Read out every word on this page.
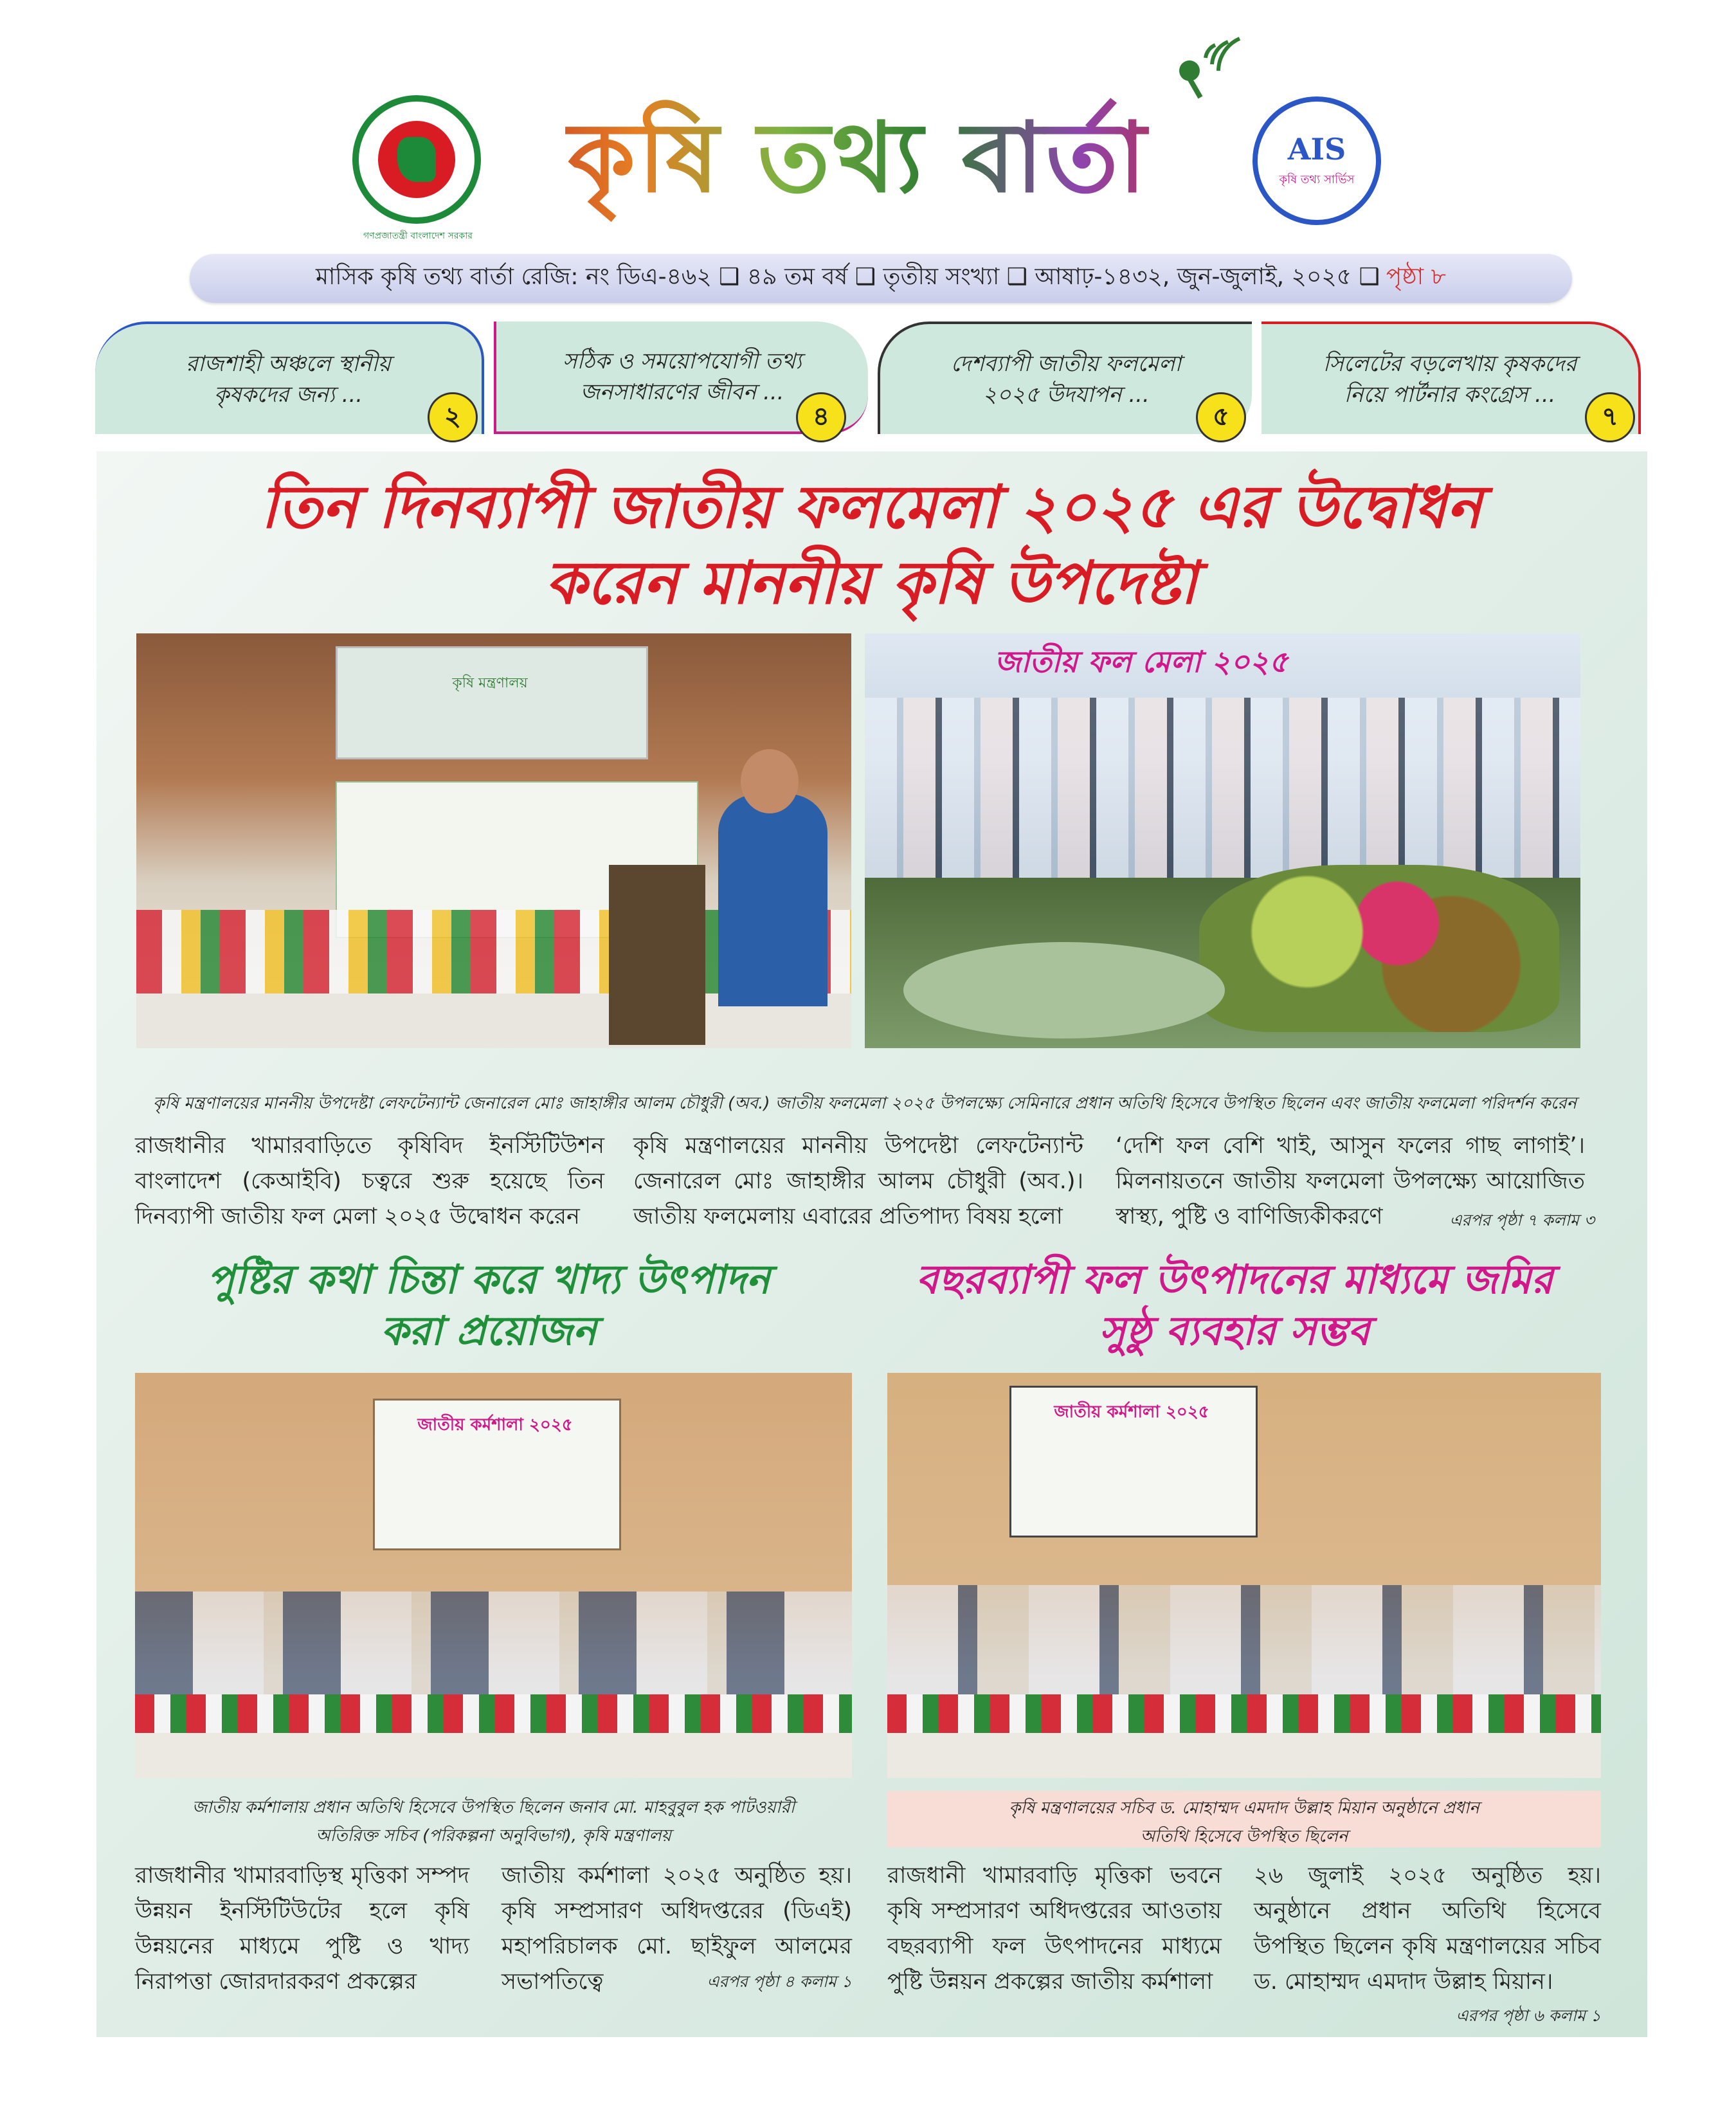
গণপ্রজাতন্ত্রী বাংলাদেশ সরকার
কৃষি তথ্য বার্তা	AIS
কৃষি তথ্য সার্ভিস
মাসিক কৃষি তথ্য বার্তা রেজি: নং ডিএ-৪৬২ ❑ ৪৯ তম বর্ষ ❑ তৃতীয় সংখ্যা ❑ আষাঢ়-১৪৩২, জুন-জুলাই, ২০২৫ ❑ পৃষ্ঠা ৮
রাজশাহী অঞ্চলে স্থানীয়
কৃষকদের জন্য ...
২
সঠিক ও সময়োপযোগী তথ্য
জনসাধারণের জীবন ...
৪
দেশব্যাপী জাতীয় ফলমেলা
২০২৫ উদযাপন ...
৫
সিলেটের বড়লেখায় কৃষকদের
নিয়ে পার্টনার কংগ্রেস ...
৭
তিন দিনব্যাপী জাতীয় ফলমেলা ২০২৫ এর উদ্বোধন
করেন মাননীয় কৃষি উপদেষ্টা
কৃষি মন্ত্রণালয়
জাতীয় ফল মেলা ২০২৫
কৃষি মন্ত্রণালয়ের মাননীয় উপদেষ্টা লেফটেন্যান্ট জেনারেল মোঃ জাহাঙ্গীর আলম চৌধুরী (অব.) জাতীয় ফলমেলা ২০২৫ উপলক্ষ্যে সেমিনারে প্রধান অতিথি হিসেবে উপস্থিত ছিলেন এবং জাতীয় ফলমেলা পরিদর্শন করেন
রাজধানীর খামারবাড়িতে কৃষিবিদ ইনস্টিটিউশন বাংলাদেশ (কেআইবি) চত্বরে শুরু হয়েছে তিন দিনব্যাপী জাতীয় ফল মেলা ২০২৫ উদ্বোধন করেন
কৃষি মন্ত্রণালয়ের মাননীয় উপদেষ্টা লেফটেন্যান্ট জেনারেল মোঃ জাহাঙ্গীর আলম চৌধুরী (অব.)। জাতীয় ফলমেলায় এবারের প্রতিপাদ্য বিষয় হলো
‘দেশি ফল বেশি খাই, আসুন ফলের গাছ লাগাই’। মিলনায়তনে জাতীয় ফলমেলা উপলক্ষ্যে আয়োজিত স্বাস্থ্য, পুষ্টি ও বাণিজ্যিকীকরণে	এরপর পৃষ্ঠা ৭ কলাম ৩
পুষ্টির কথা চিন্তা করে খাদ্য উৎপাদন
করা প্রয়োজন
বছরব্যাপী ফল উৎপাদনের মাধ্যমে জমির
সুষ্ঠু ব্যবহার সম্ভব
জাতীয় কর্মশালা ২০২৫
জাতীয় কর্মশালা ২০২৫
জাতীয় কর্মশালায় প্রধান অতিথি হিসেবে উপস্থিত ছিলেন জনাব মো. মাহবুবুল হক পাটওয়ারী
অতিরিক্ত সচিব (পরিকল্পনা অনুবিভাগ), কৃষি মন্ত্রণালয়
কৃষি মন্ত্রণালয়ের সচিব ড. মোহাম্মদ এমদাদ উল্লাহ মিয়ান অনুষ্ঠানে প্রধান
অতিথি হিসেবে উপস্থিত ছিলেন
রাজধানীর খামারবাড়িস্থ মৃত্তিকা সম্পদ উন্নয়ন ইনস্টিটিউটের হলে কৃষি উন্নয়নের মাধ্যমে পুষ্টি ও খাদ্য নিরাপত্তা জোরদারকরণ প্রকল্পের
জাতীয় কর্মশালা ২০২৫ অনুষ্ঠিত হয়। কৃষি সম্প্রসারণ অধিদপ্তরের (ডিএই) মহাপরিচালক মো. ছাইফুল আলমের সভাপতিত্বে	এরপর পৃষ্ঠা ৪ কলাম ১
রাজধানী খামারবাড়ি মৃত্তিকা ভবনে কৃষি সম্প্রসারণ অধিদপ্তরের আওতায় বছরব্যাপী ফল উৎপাদনের মাধ্যমে পুষ্টি উন্নয়ন প্রকল্পের জাতীয় কর্মশালা
২৬ জুলাই ২০২৫ অনুষ্ঠিত হয়। অনুষ্ঠানে প্রধান অতিথি হিসেবে উপস্থিত ছিলেন কৃষি মন্ত্রণালয়ের সচিব ড. মোহাম্মদ এমদাদ উল্লাহ মিয়ান।
এরপর পৃষ্ঠা ৬ কলাম ১
